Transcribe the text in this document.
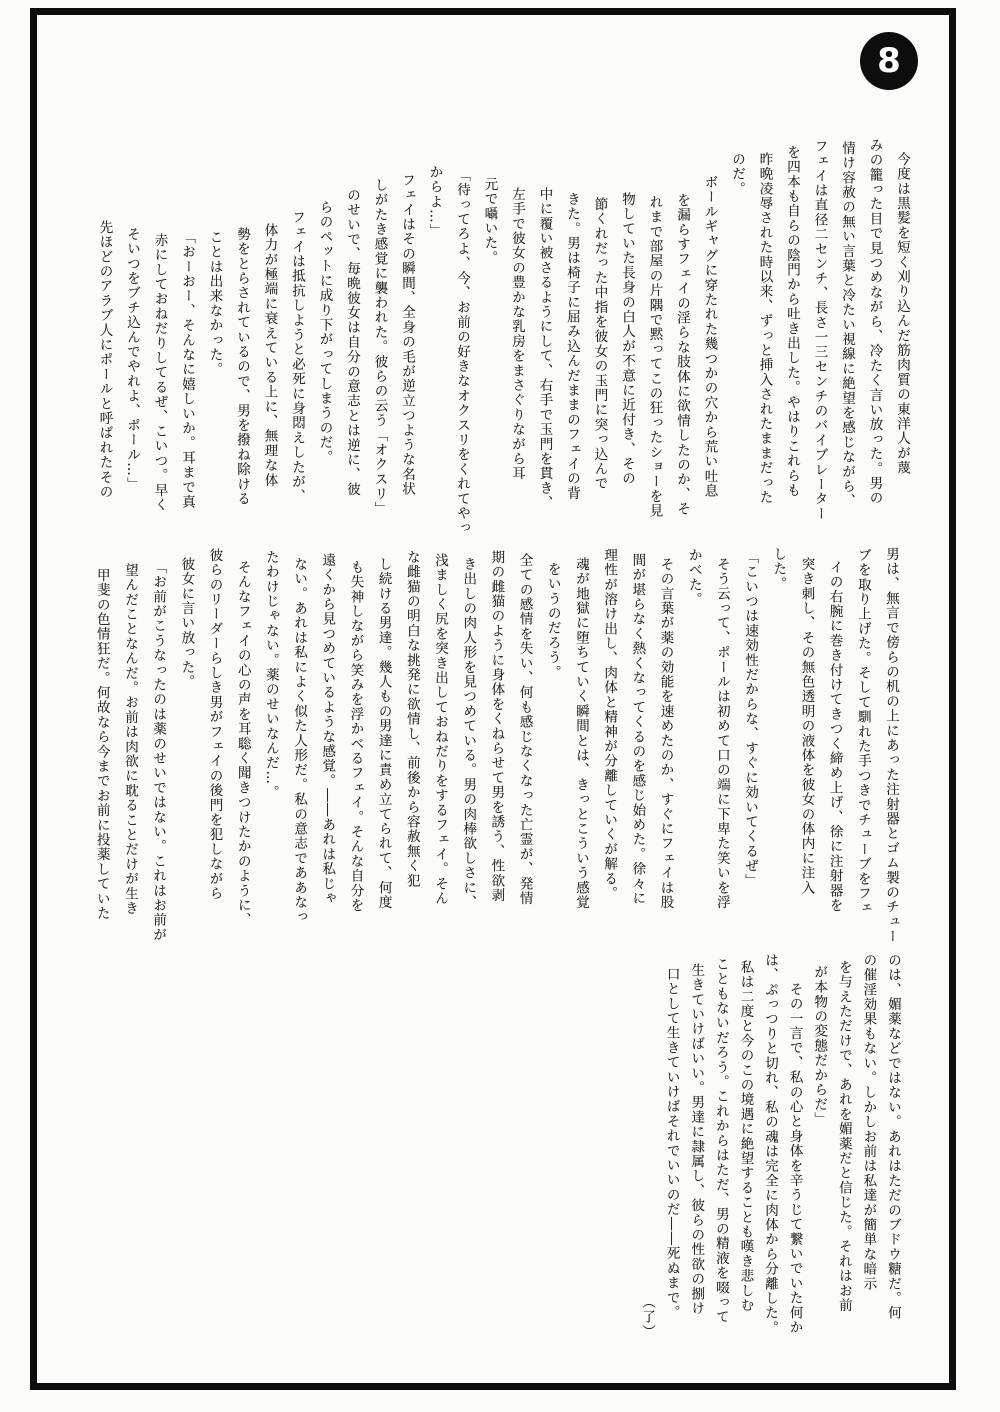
8
今度は黒髪を短く刈り込んだ筋肉質の東洋人が蔑
みの籠った目で見つめながら、冷たく言い放った。男の
情け容赦の無い言葉と冷たい視線に絶望を感じながら、
フェイは直径二センチ、長さ一三センチのバイブレーター
を四本も自らの陰門から吐き出した。やはりこれらも
昨晩凌辱された時以来、ずっと挿入されたままだった
のだ。
ボールギャグに穿たれた幾つかの穴から荒い吐息
を漏らすフェイの淫らな肢体に欲情したのか、そ
れまで部屋の片隅で黙ってこの狂ったショーを見
物していた長身の白人が不意に近付き、その
節くれだった中指を彼女の玉門に突っ込んで
きた。男は椅子に屈み込んだままのフェイの背
中に覆い被さるようにして、右手で玉門を貫き、
左手で彼女の豊かな乳房をまさぐりながら耳
元で囁いた。
「待ってろよ、今、お前の好きなオクスリをくれてやっ
からよ…」
フェイはその瞬間、全身の毛が逆立つような名状
しがたき感覚に襲われた。彼らの云う「オクスリ」
のせいで、毎晩彼女は自分の意志とは逆に、彼
らのペットに成り下がってしまうのだ。
フェイは抵抗しようと必死に身悶えしたが、
体力が極端に衰えている上に、無理な体
勢をとらされているので、男を撥ね除ける
ことは出来なかった。
「おーおー、そんなに嬉しいか。耳まで真
赤にしておねだりしてるぜ、こいつ。早く
そいつをブチ込んでやれよ、ポール…」
先ほどのアラブ人にポールと呼ばれたその
男は、無言で傍らの机の上にあった注射器とゴム製のチュー
ブを取り上げた。そして馴れた手つきでチューブをフェ
イの右腕に巻き付けてきつく締め上げ、徐に注射器を
突き刺し、その無色透明の液体を彼女の体内に注入
した。
「こいつは速効性だからな、すぐに効いてくるぜ」
そう云って、ポールは初めて口の端に下卑た笑いを浮
かべた。
その言葉が薬の効能を速めたのか、すぐにフェイは股
間が堪らなく熱くなってくるのを感じ始めた。徐々に
理性が溶け出し、肉体と精神が分離していくが解る。
魂が地獄に堕ちていく瞬間とは、きっとこういう感覚
をいうのだろう。
全ての感情を失い、何も感じなくなった亡霊が、発情
期の雌猫のように身体をくねらせて男を誘う、性欲剥
き出しの肉人形を見つめている。男の肉棒欲しさに、
浅ましく尻を突き出しておねだりをするフェイ。そん
な雌猫の明白な挑発に欲情し、前後から容赦無く犯
し続ける男達。幾人もの男達に責め立てられて、何度
も失神しながら笑みを浮かべるフェイ。そんな自分を
遠くから見つめているような感覚。――あれは私じゃ
ない。あれは私によく似た人形だ。私の意志でああなっ
たわけじゃない。薬のせいなんだ…。
そんなフェイの心の声を耳聡く聞きつけたかのように、
彼らのリーダーらしき男がフェイの後門を犯しながら
彼女に言い放った。
「お前がこうなったのは薬のせいではない。これはお前が
望んだことなんだ。お前は肉欲に耽ることだけが生き
甲斐の色情狂だ。何故なら今までお前に投薬していた
のは、媚薬などではない。あれはただのブドウ糖だ。何
の催淫効果もない。しかしお前は私達が簡単な暗示
を与えただけで、あれを媚薬だと信じた。それはお前
が本物の変態だからだ」
その一言で、私の心と身体を辛うじて繋いでいた何か
は、ぷっつりと切れ、私の魂は完全に肉体から分離した。
私は二度と今のこの境遇に絶望することも嘆き悲しむ
こともないだろう。これからはただ、男の精液を啜って
生きていけばいい。男達に隷属し、彼らの性欲の捌け
口として生きていけばそれでいいのだ――死ぬまで。
（了）
